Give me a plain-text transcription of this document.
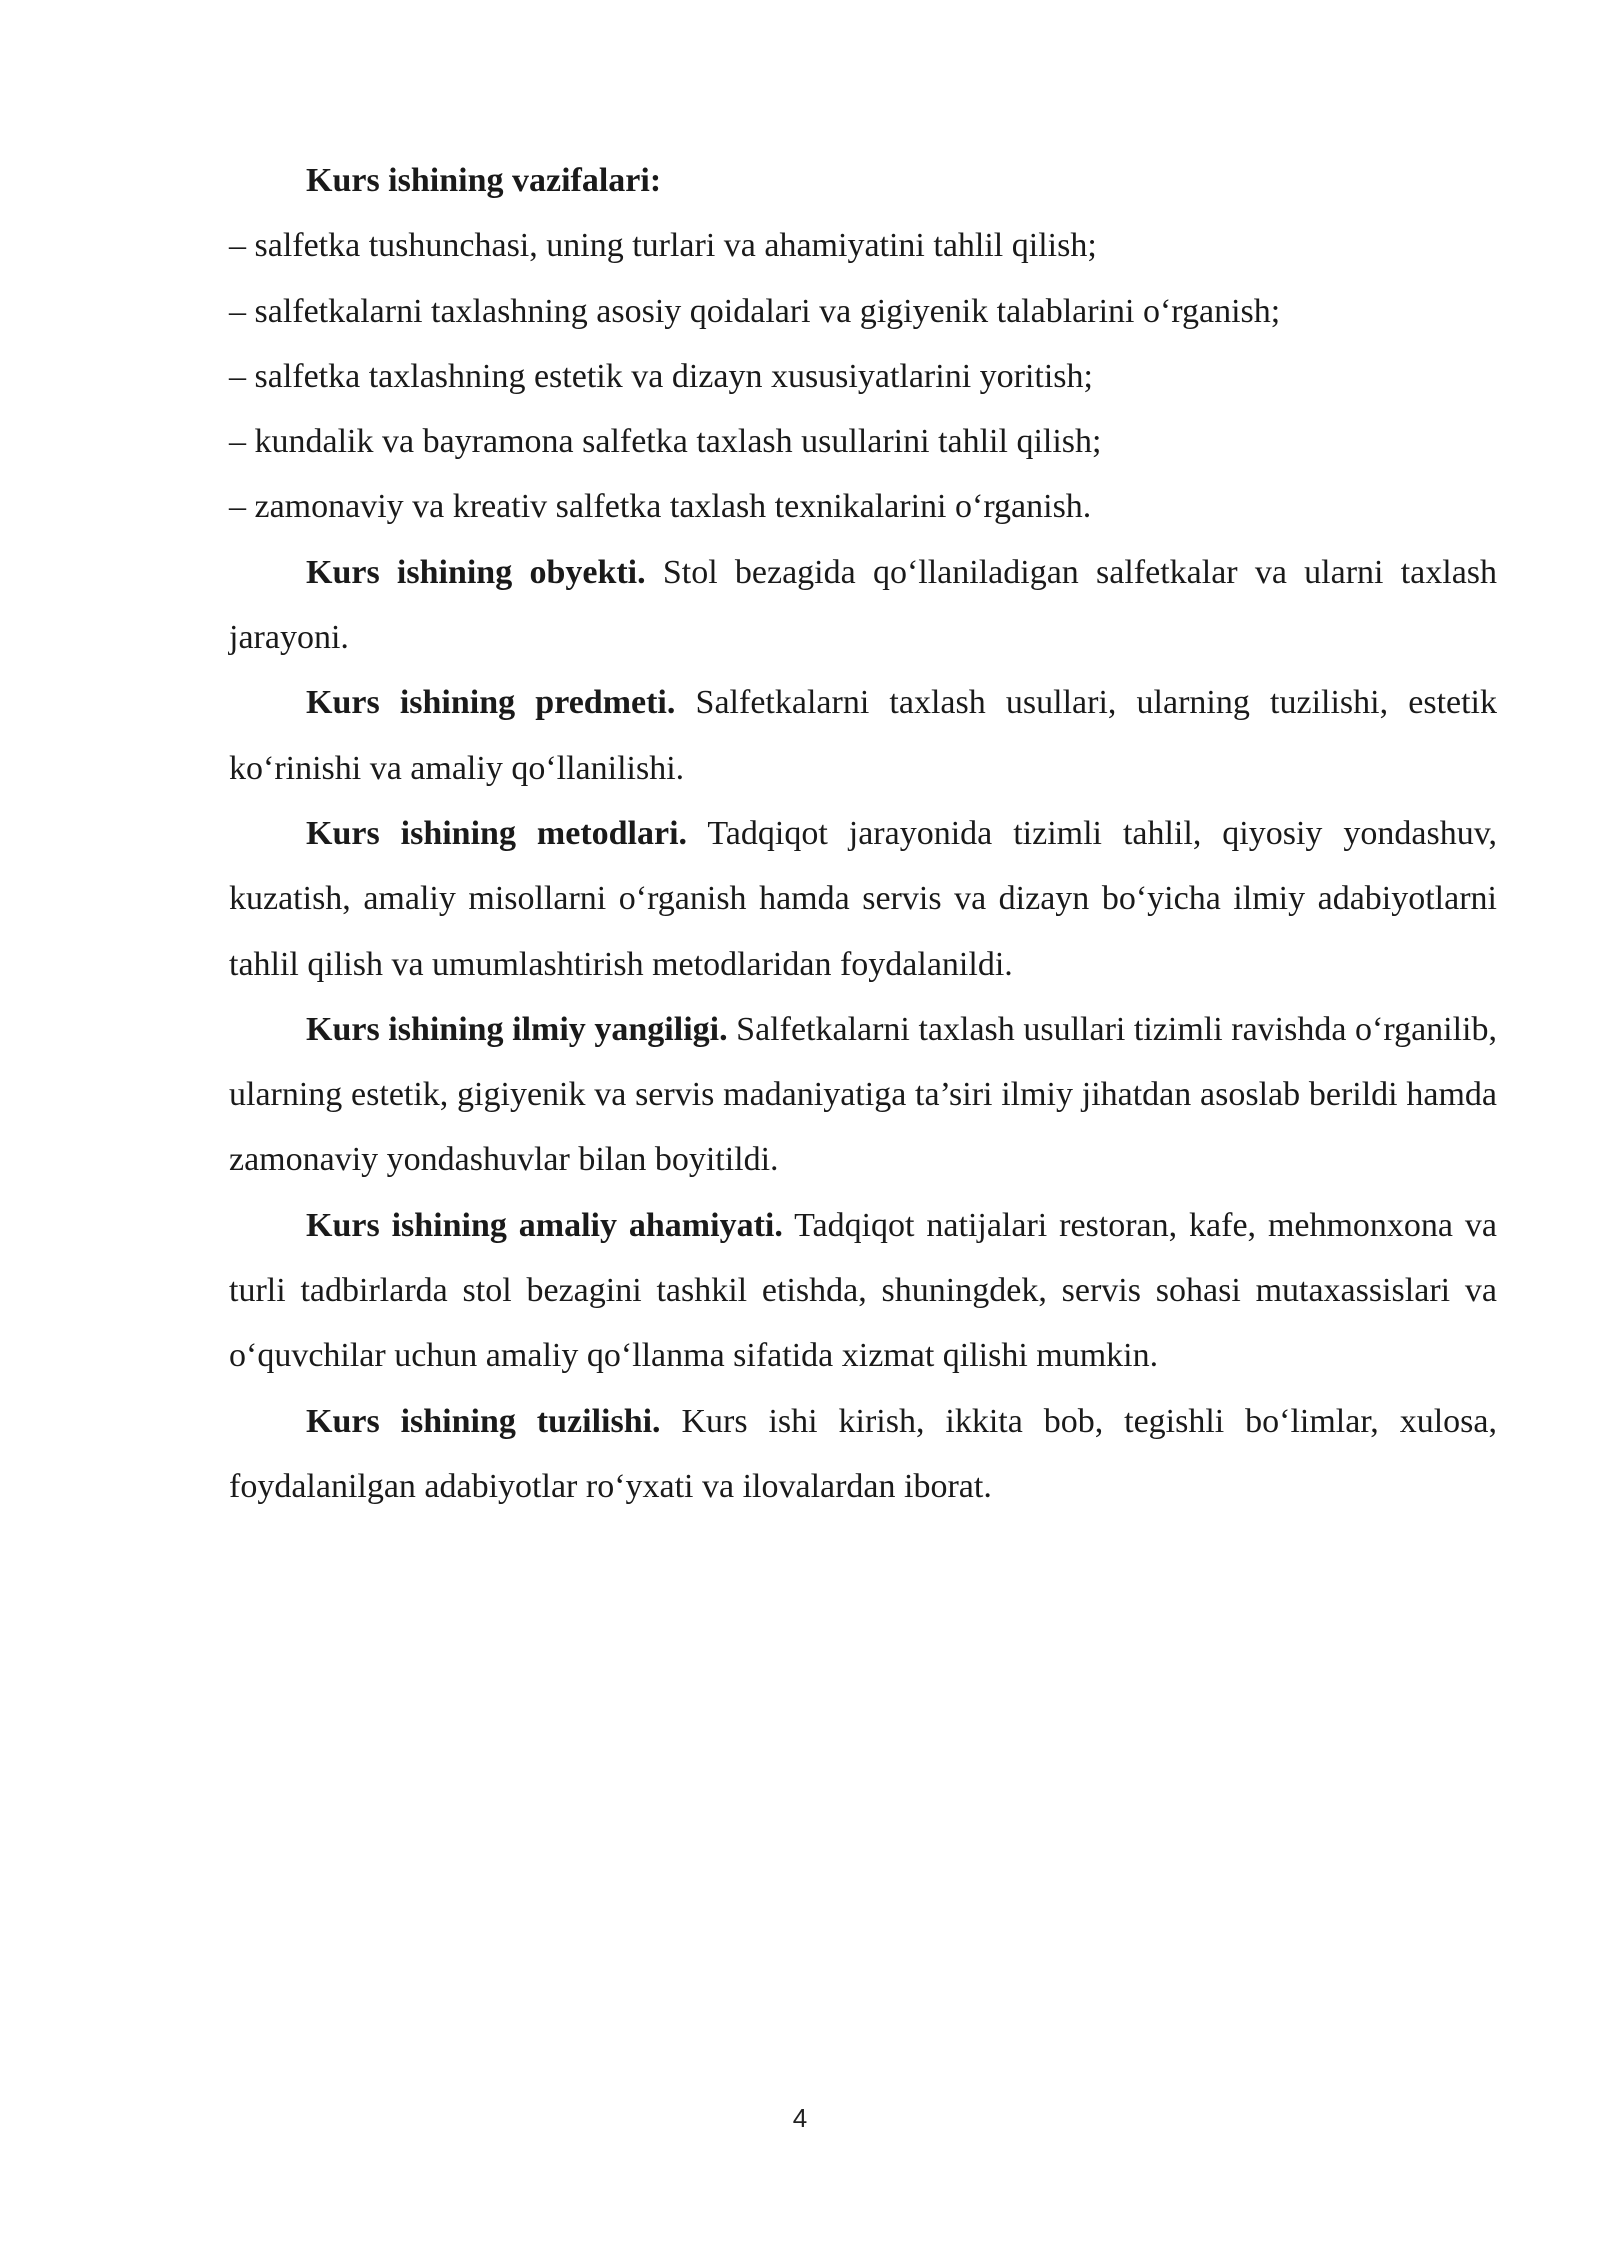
Kurs ishining vazifalari:

– salfetka tushunchasi, uning turlari va ahamiyatini tahlil qilish;
– salfetkalarni taxlashning asosiy qoidalari va gigiyenik talablarini o‘rganish;
– salfetka taxlashning estetik va dizayn xususiyatlarini yoritish;
– kundalik va bayramona salfetka taxlash usullarini tahlil qilish;
– zamonaviy va kreativ salfetka taxlash texnikalarini o‘rganish.

Kurs ishining obyekti. Stol bezagida qo‘llaniladigan salfetkalar va ularni taxlash jarayoni.

Kurs ishining predmeti. Salfetkalarni taxlash usullari, ularning tuzilishi, estetik ko‘rinishi va amaliy qo‘llanilishi.

Kurs ishining metodlari. Tadqiqot jarayonida tizimli tahlil, qiyosiy yondashuv, kuzatish, amaliy misollarni o‘rganish hamda servis va dizayn bo‘yicha ilmiy adabiyotlarni tahlil qilish va umumlashtirish metodlaridan foydalanildi.

Kurs ishining ilmiy yangiligi. Salfetkalarni taxlash usullari tizimli ravishda o‘rganilib, ularning estetik, gigiyenik va servis madaniyatiga ta’siri ilmiy jihatdan asoslab berildi hamda zamonaviy yondashuvlar bilan boyitildi.

Kurs ishining amaliy ahamiyati. Tadqiqot natijalari restoran, kafe, mehmonxona va turli tadbirlarda stol bezagini tashkil etishda, shuningdek, servis sohasi mutaxassislari va o‘quvchilar uchun amaliy qo‘llanma sifatida xizmat qilishi mumkin.

Kurs ishining tuzilishi. Kurs ishi kirish, ikkita bob, tegishli bo‘limlar, xulosa, foydalanilgan adabiyotlar ro‘yxati va ilovalardan iborat.

4
